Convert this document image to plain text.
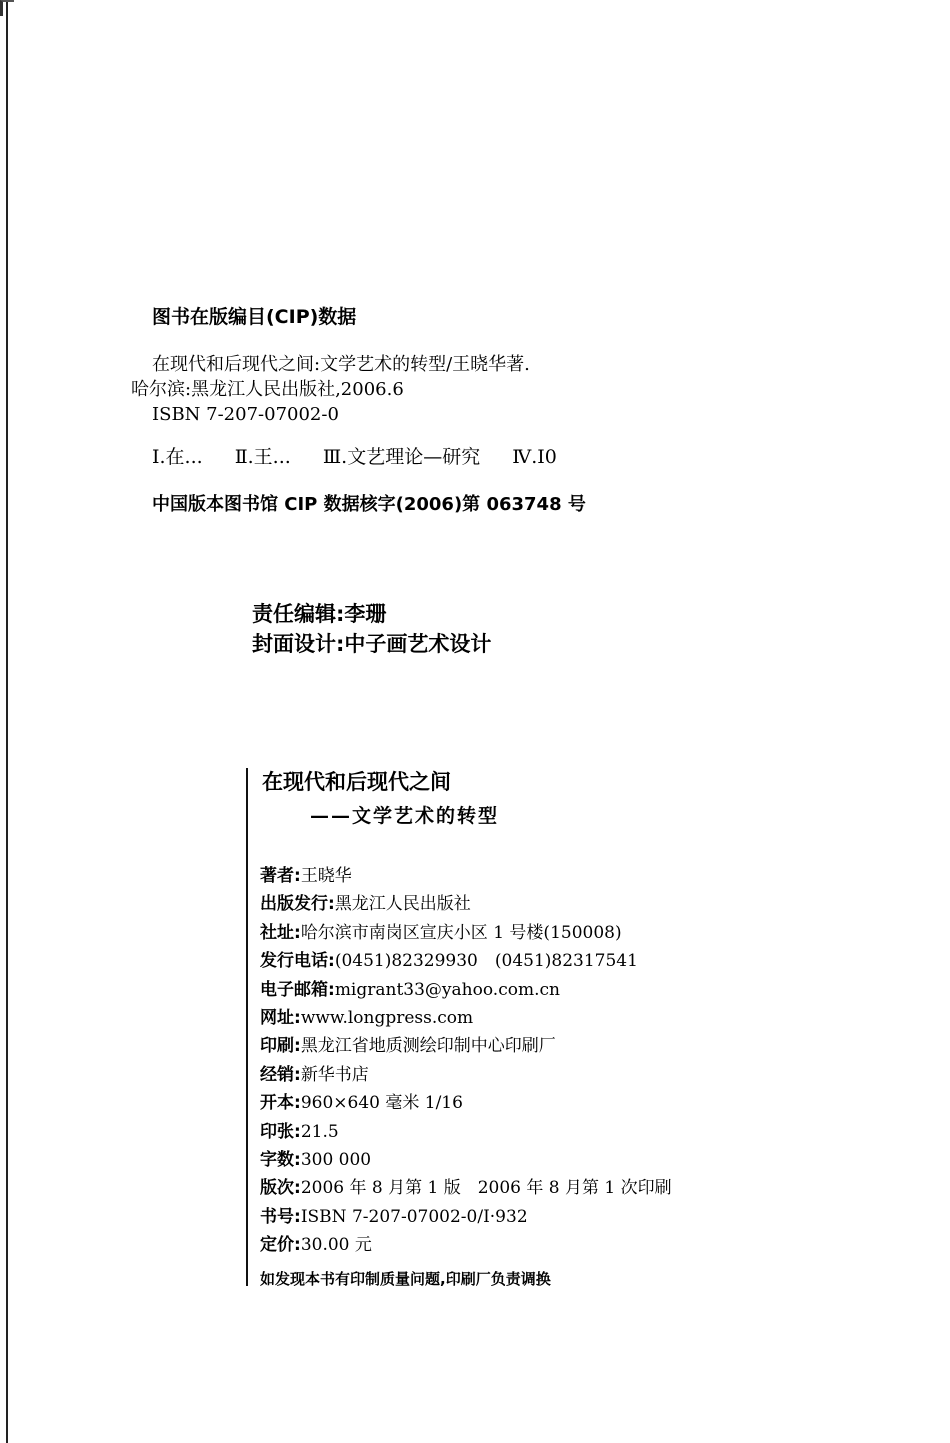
图书在版编目(CIP)数据
在现代和后现代之间:文学艺术的转型/王晓华著.
哈尔滨:黑龙江人民出版社,2006.6
ISBN 7-207-07002-0
Ⅰ.在... Ⅱ.王... Ⅲ.文艺理论—研究 Ⅳ.I0
中国版本图书馆 CIP 数据核字(2006)第 063748 号
责任编辑:李珊
封面设计:中子画艺术设计
在现代和后现代之间
——文学艺术的转型
著者:王晓华
出版发行:黑龙江人民出版社
社址:哈尔滨市南岗区宣庆小区 1 号楼(150008)
发行电话:(0451)82329930　(0451)82317541
电子邮箱:migrant33@yahoo.com.cn
网址:www.longpress.com
印刷:黑龙江省地质测绘印制中心印刷厂
经销:新华书店
开本:960×640 毫米 1/16
印张:21.5
字数:300 000
版次:2006 年 8 月第 1 版　2006 年 8 月第 1 次印刷
书号:ISBN 7-207-07002-0/I·932
定价:30.00 元
如发现本书有印制质量问题,印刷厂负责调换
